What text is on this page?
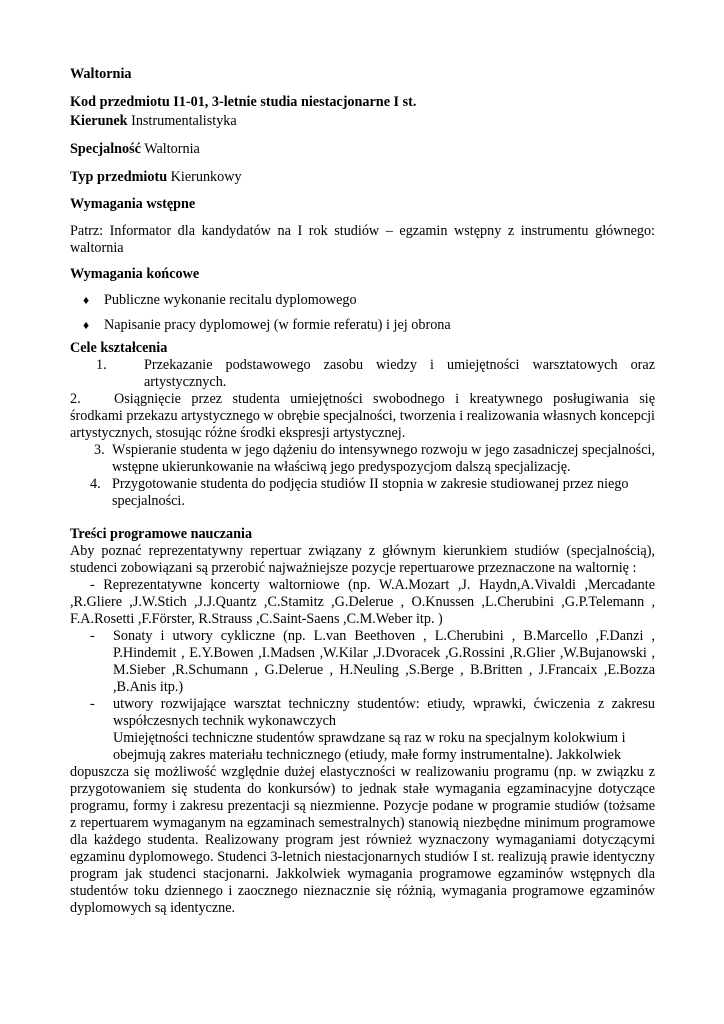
Waltornia

Kod przedmiotu I1-01, 3-letnie studia niestacjonarne I st.

Kierunek Instrumentalistyka

Specjalność Waltornia

Typ przedmiotu Kierunkowy

Wymagania wstępne

Patrz: Informator dla kandydatów na I rok studiów – egzamin wstępny z instrumentu głównego: waltornia

Wymagania końcowe

♦ Publiczne wykonanie recitalu dyplomowego
♦ Napisanie pracy dyplomowej (w formie referatu) i jej obrona

Cele kształcenia

1.	Przekazanie podstawowego zasobu wiedzy i umiejętności warsztatowych oraz artystycznych.
2. Osiągnięcie przez studenta umiejętności swobodnego i kreatywnego posługiwania się środkami przekazu artystycznego w obrębie specjalności, tworzenia i realizowania własnych koncepcji artystycznych, stosując różne środki ekspresji artystycznej.
3. Wspieranie studenta w jego dążeniu do intensywnego rozwoju w jego zasadniczej specjalności, wstępne ukierunkowanie na właściwą jego predyspozycjom dalszą specjalizację.
4. Przygotowanie studenta do podjęcia studiów II stopnia w zakresie studiowanej przez niego specjalności.

Treści programowe nauczania

Aby poznać reprezentatywny repertuar związany z głównym kierunkiem studiów (specjalnością), studenci zobowiązani są przerobić najważniejsze pozycje repertuarowe przeznaczone na waltornię :

- Reprezentatywne koncerty waltorniowe (np. W.A.Mozart ,J. Haydn,A.Vivaldi ,Mercadante ,R.Gliere ,J.W.Stich ,J.J.Quantz ,C.Stamitz ,G.Delerue , O.Knussen ,L.Cherubini ,G.P.Telemann , F.A.Rosetti ,F.Förster, R.Strauss ,C.Saint-Saens ,C.M.Weber itp. )

- Sonaty i utwory cykliczne (np. L.van Beethoven , L.Cherubini , B.Marcello ,F.Danzi , P.Hindemit , E.Y.Bowen ,I.Madsen ,W.Kilar ,J.Dvoracek ,G.Rossini ,R.Glier ,W.Bujanowski , M.Sieber ,R.Schumann , G.Delerue , H.Neuling ,S.Berge , B.Britten , J.Francaix ,E.Bozza ,B.Anis itp.)
- utwory rozwijające warsztat techniczny studentów: etiudy, wprawki, ćwiczenia z zakresu współczesnych technik wykonawczych

Umiejętności techniczne studentów sprawdzane są raz w roku na specjalnym kolokwium i

obejmują zakres materiału technicznego (etiudy, małe formy instrumentalne). Jakkolwiek

dopuszcza się możliwość względnie dużej elastyczności w realizowaniu programu (np. w związku z przygotowaniem się studenta do konkursów) to jednak stałe wymagania egzaminacyjne dotyczące programu, formy i zakresu prezentacji są niezmienne. Pozycje podane w programie studiów (tożsame z repertuarem wymaganym na egzaminach semestralnych) stanowią niezbędne minimum programowe dla każdego studenta. Realizowany program jest również wyznaczony wymaganiami dotyczącymi egzaminu dyplomowego. Studenci 3-letnich niestacjonarnych studiów I st. realizują prawie identyczny program jak studenci stacjonarni. Jakkolwiek wymagania programowe egzaminów wstępnych dla studentów toku dziennego i zaocznego nieznacznie się różnią, wymagania programowe egzaminów dyplomowych są identyczne.
